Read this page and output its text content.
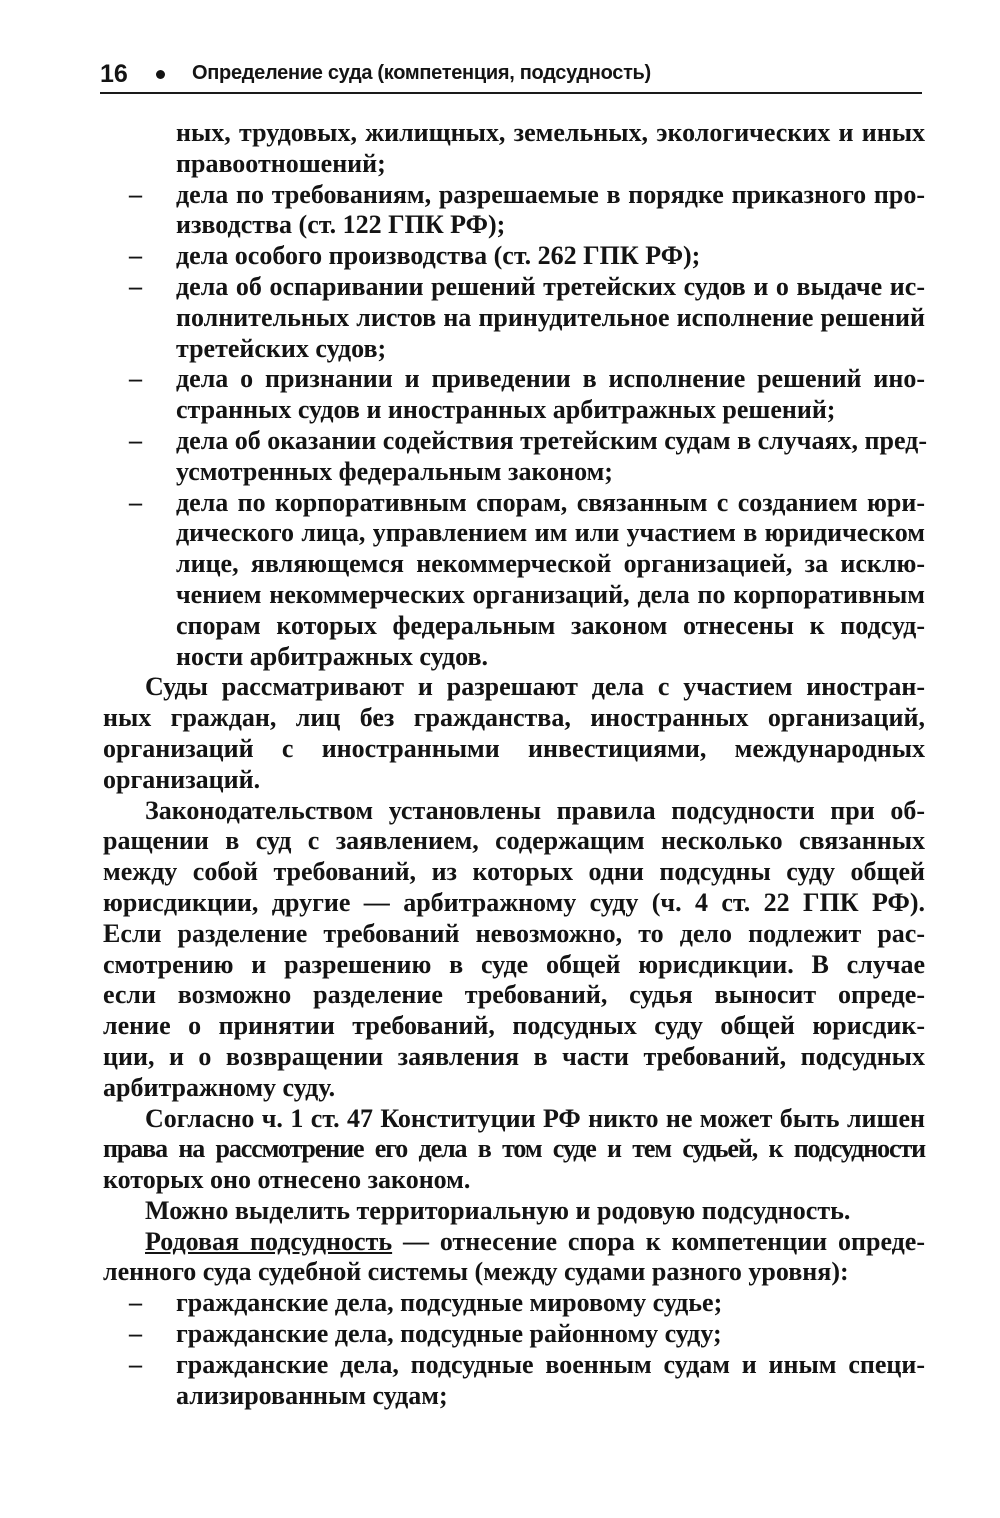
16	Определение суда (компетенция, подсудность)
ных, трудовых, жилищных, земельных, экологических и иных
правоотношений;
– дела по требованиям, разрешаемые в порядке приказного про-
изводства (ст. 122 ГПК РФ);
– дела особого производства (ст. 262 ГПК РФ);
– дела об оспаривании решений третейских судов и о выдаче ис-
полнительных листов на принудительное исполнение решений
третейских судов;
– дела о признании и приведении в исполнение решений ино-
странных судов и иностранных арбитражных решений;
– дела об оказании содействия третейским судам в случаях, пред-
усмотренных федеральным законом;
– дела по корпоративным спорам, связанным с созданием юри-
дического лица, управлением им или участием в юридическом
лице, являющемся некоммерческой организацией, за исклю-
чением некоммерческих организаций, дела по корпоративным
спорам которых федеральным законом отнесены к подсуд-
ности арбитражных судов.
Суды рассматривают и разрешают дела с участием иностран-
ных граждан, лиц без гражданства, иностранных организаций,
организаций с иностранными инвестициями, международных
организаций.
Законодательством установлены правила подсудности при об-
ращении в суд с заявлением, содержащим несколько связанных
между собой требований, из которых одни подсудны суду общей
юрисдикции, другие — арбитражному суду (ч. 4 ст. 22 ГПК РФ).
Если разделение требований невозможно, то дело подлежит рас-
смотрению и разрешению в суде общей юрисдикции. В случае
если возможно разделение требований, судья выносит опреде-
ление о принятии требований, подсудных суду общей юрисдик-
ции, и о возвращении заявления в части требований, подсудных
арбитражному суду.
Согласно ч. 1 ст. 47 Конституции РФ никто не может быть лишен
права на рассмотрение его дела в том суде и тем судьей, к подсудности
которых оно отнесено законом.
Можно выделить территориальную и родовую подсудность.
Родовая подсудность — отнесение спора к компетенции опреде-
ленного суда судебной системы (между судами разного уровня):
– гражданские дела, подсудные мировому судье;
– гражданские дела, подсудные районному суду;
– гражданские дела, подсудные военным судам и иным специ-
ализированным судам;
